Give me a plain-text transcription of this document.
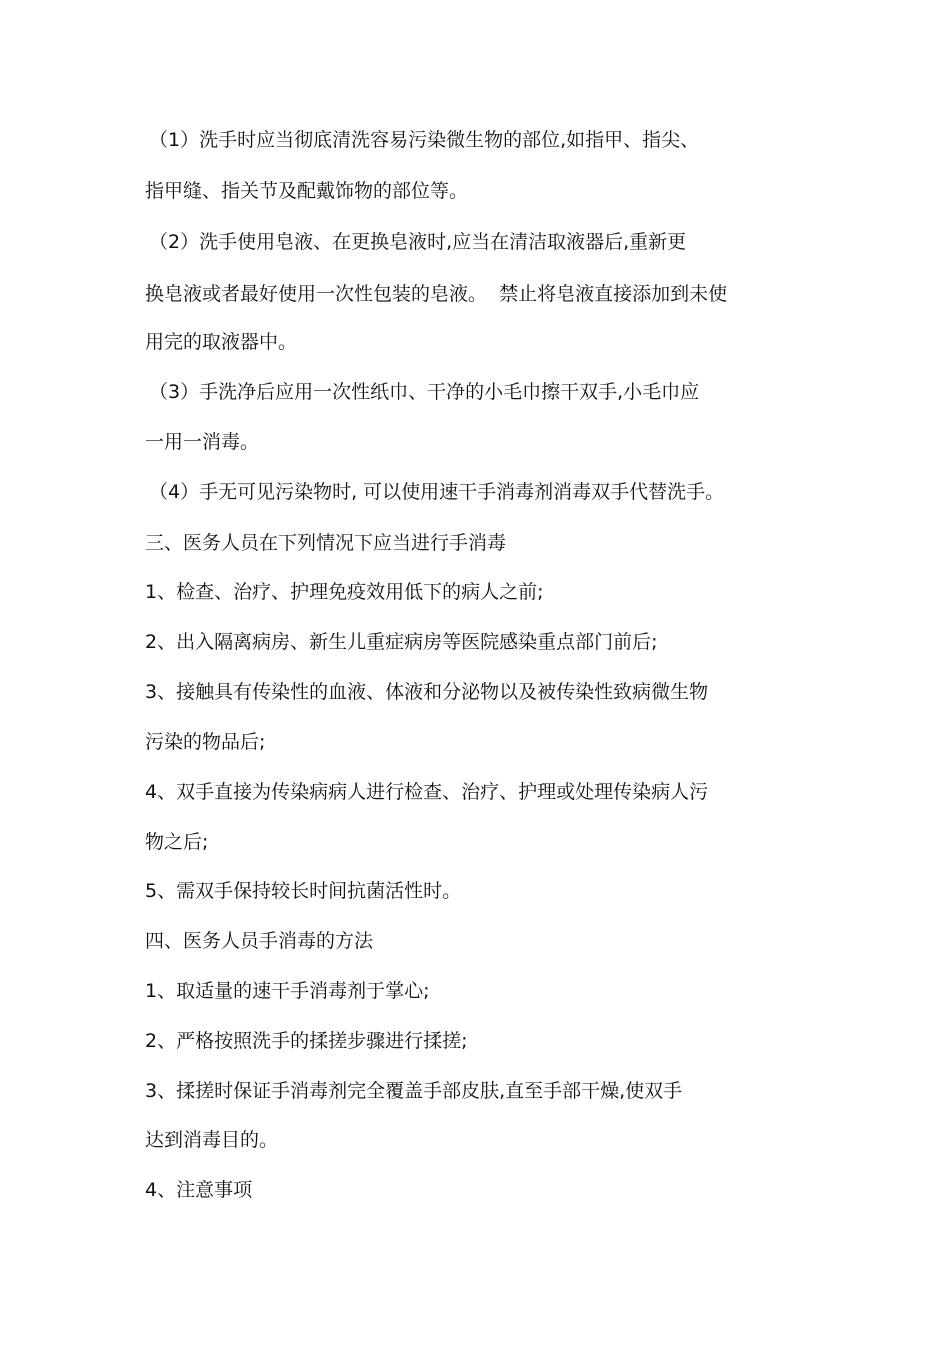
（1）洗手时应当彻底清洗容易污染微生物的部位,如指甲、指尖、
指甲缝、指关节及配戴饰物的部位等。
（2）洗手使用皂液、在更换皂液时,应当在清洁取液器后,重新更
换皂液或者最好使用一次性包装的皂液。  禁止将皂液直接添加到未使
用完的取液器中。
（3）手洗净后应用一次性纸巾、干净的小毛巾擦干双手,小毛巾应
一用一消毒。
（4）手无可见污染物时, 可以使用速干手消毒剂消毒双手代替洗手。
三、医务人员在下列情况下应当进行手消毒
1、检查、治疗、护理免疫效用低下的病人之前;
2、出入隔离病房、新生儿重症病房等医院感染重点部门前后;
3、接触具有传染性的血液、体液和分泌物以及被传染性致病微生物
污染的物品后;
4、双手直接为传染病病人进行检查、治疗、护理或处理传染病人污
物之后;
5、需双手保持较长时间抗菌活性时。
四、医务人员手消毒的方法
1、取适量的速干手消毒剂于掌心;
2、严格按照洗手的揉搓步骤进行揉搓;
3、揉搓时保证手消毒剂完全覆盖手部皮肤,直至手部干燥,使双手
达到消毒目的。
4、注意事项
